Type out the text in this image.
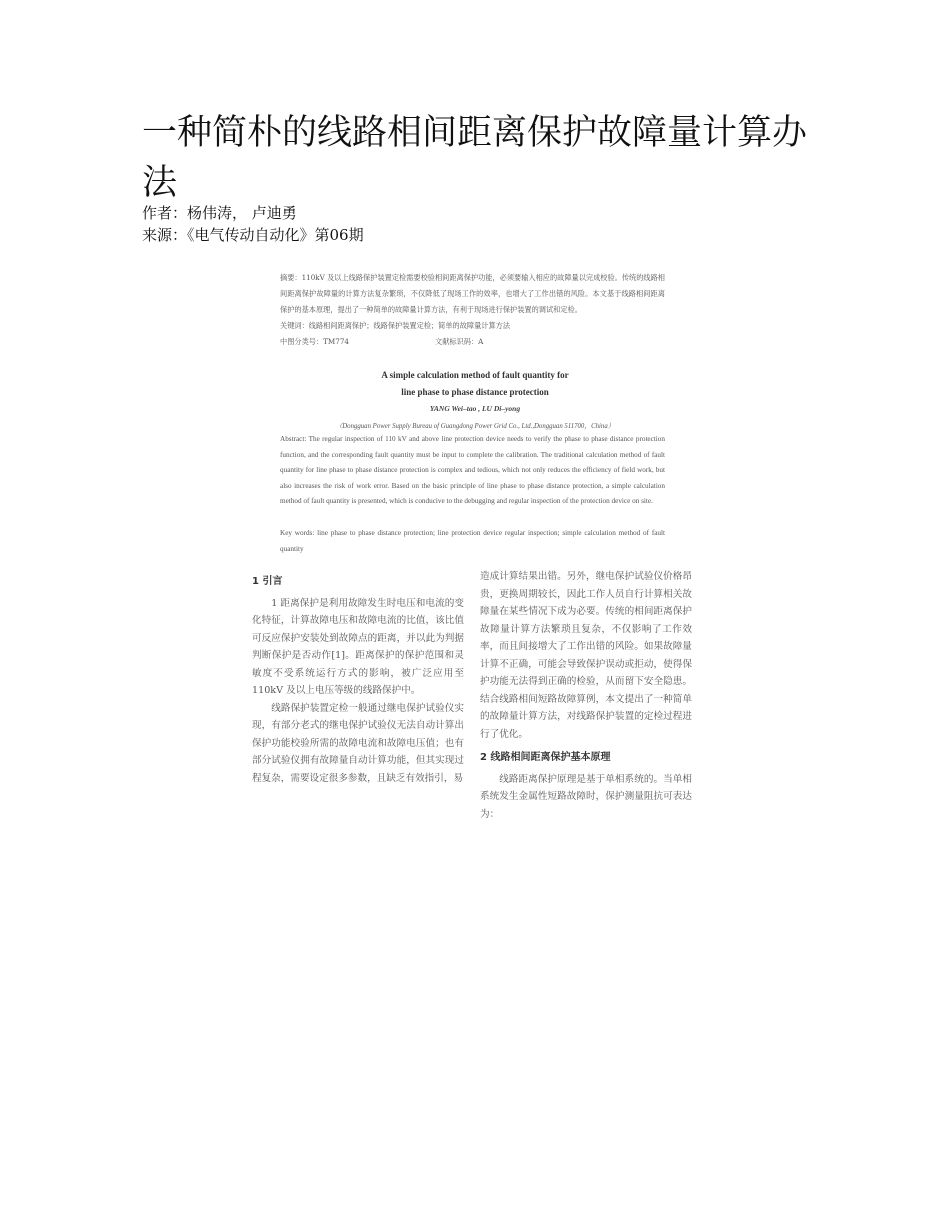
一种简朴的线路相间距离保护故障量计算办法
作者：杨伟涛， 卢迪勇
来源：《电气传动自动化》第06期

摘要：110kV 及以上线路保护装置定检需要校验相间距离保护功能，必须要输入相应的故障量以完成校验。传统的线路相间距离保护故障量的计算方法复杂繁琐，不仅降低了现场工作的效率，也增大了工作出错的风险。本文基于线路相间距离保护的基本原理，提出了一种简单的故障量计算方法，有利于现场进行保护装置的调试和定检。

关键词：线路相间距离保护；线路保护装置定检；简单的故障量计算方法

中图分类号：TM774	文献标识码：A

A simple calculation method of fault quantity for
line phase to phase distance protection
YANG Wei–tao , LU Di–yong
（Dongguan Power Supply Bureau of Guangdong Power Grid Co., Ltd.,Dongguan 511700，China）
Abstract: The regular inspection of 110 kV and above line protection device needs to verify the phase to phase distance protection function, and the corresponding fault quantity must be input to complete the calibration. The traditional calculation method of fault quantity for line phase to phase distance protection is complex and tedious, which not only reduces the efficiency of field work, but also increases the risk of work error. Based on the basic principle of line phase to phase distance protection, a simple calculation method of fault quantity is presented, which is conducive to the debugging and regular inspection of the protection device on site.
Key words: line phase to phase distance protection; line protection device regular inspection; simple calculation method of fault quantity
1 引言

1 距离保护是利用故障发生时电压和电流的变化特征，计算故障电压和故障电流的比值，该比值可反应保护安装处到故障点的距离，并以此为判据判断保护是否动作[1]。距离保护的保护范围和灵敏度不受系统运行方式的影响，被广泛应用至110kV 及以上电压等级的线路保护中。

线路保护装置定检一般通过继电保护试验仪实现，有部分老式的继电保护试验仪无法自动计算出保护功能校验所需的故障电流和故障电压值；也有部分试验仪拥有故障量自动计算功能，但其实现过程复杂，需要设定很多参数，且缺乏有效指引，易

造成计算结果出错。另外，继电保护试验仪价格昂贵，更换周期较长，因此工作人员自行计算相关故障量在某些情况下成为必要。传统的相间距离保护故障量计算方法繁琐且复杂，不仅影响了工作效率，而且间接增大了工作出错的风险。如果故障量计算不正确，可能会导致保护误动或拒动，使得保护功能无法得到正确的检验，从而留下安全隐患。结合线路相间短路故障算例，本文提出了一种简单的故障量计算方法，对线路保护装置的定检过程进行了优化。

2 线路相间距离保护基本原理

线路距离保护原理是基于单相系统的。当单相系统发生金属性短路故障时，保护测量阻抗可表达为：
